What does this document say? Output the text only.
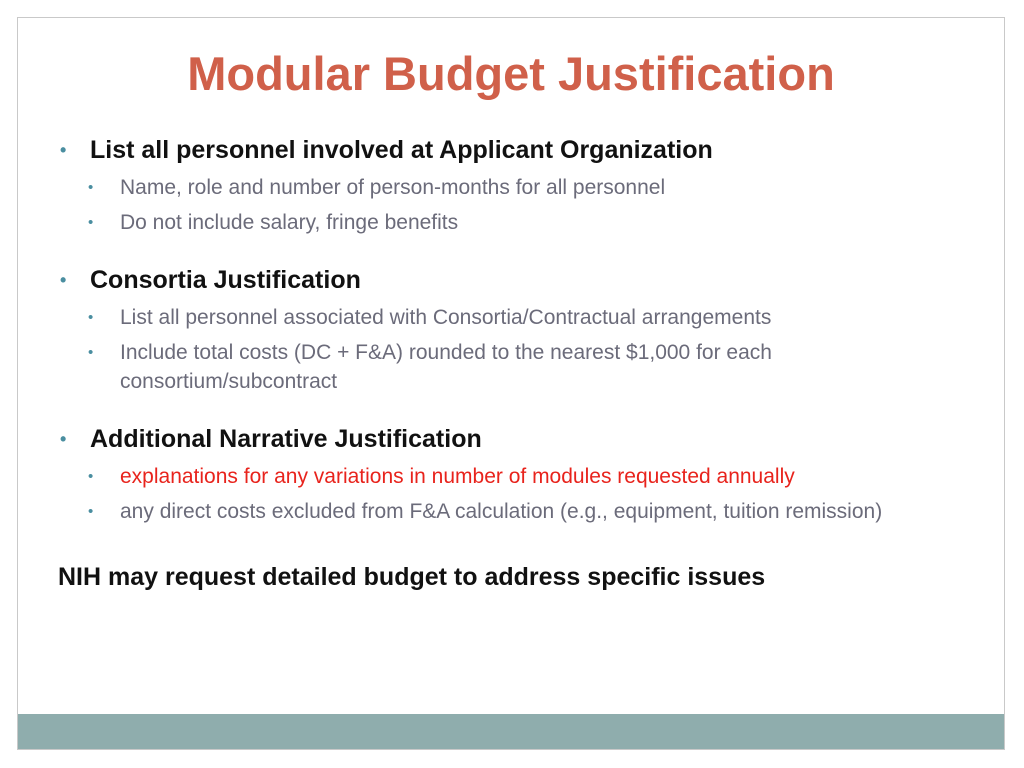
Modular Budget Justification
• List all personnel involved at Applicant Organization
•	Name, role and number of person-months for all personnel
•	Do not include salary, fringe benefits
• Consortia Justification
•	List all personnel associated with Consortia/Contractual arrangements
•	Include total costs (DC + F&A) rounded to the nearest $1,000 for each consortium/subcontract
• Additional Narrative Justification
•	explanations for any variations in number of modules requested annually
•	any direct costs excluded from F&A calculation (e.g., equipment, tuition remission)
NIH may request detailed budget to address specific issues
